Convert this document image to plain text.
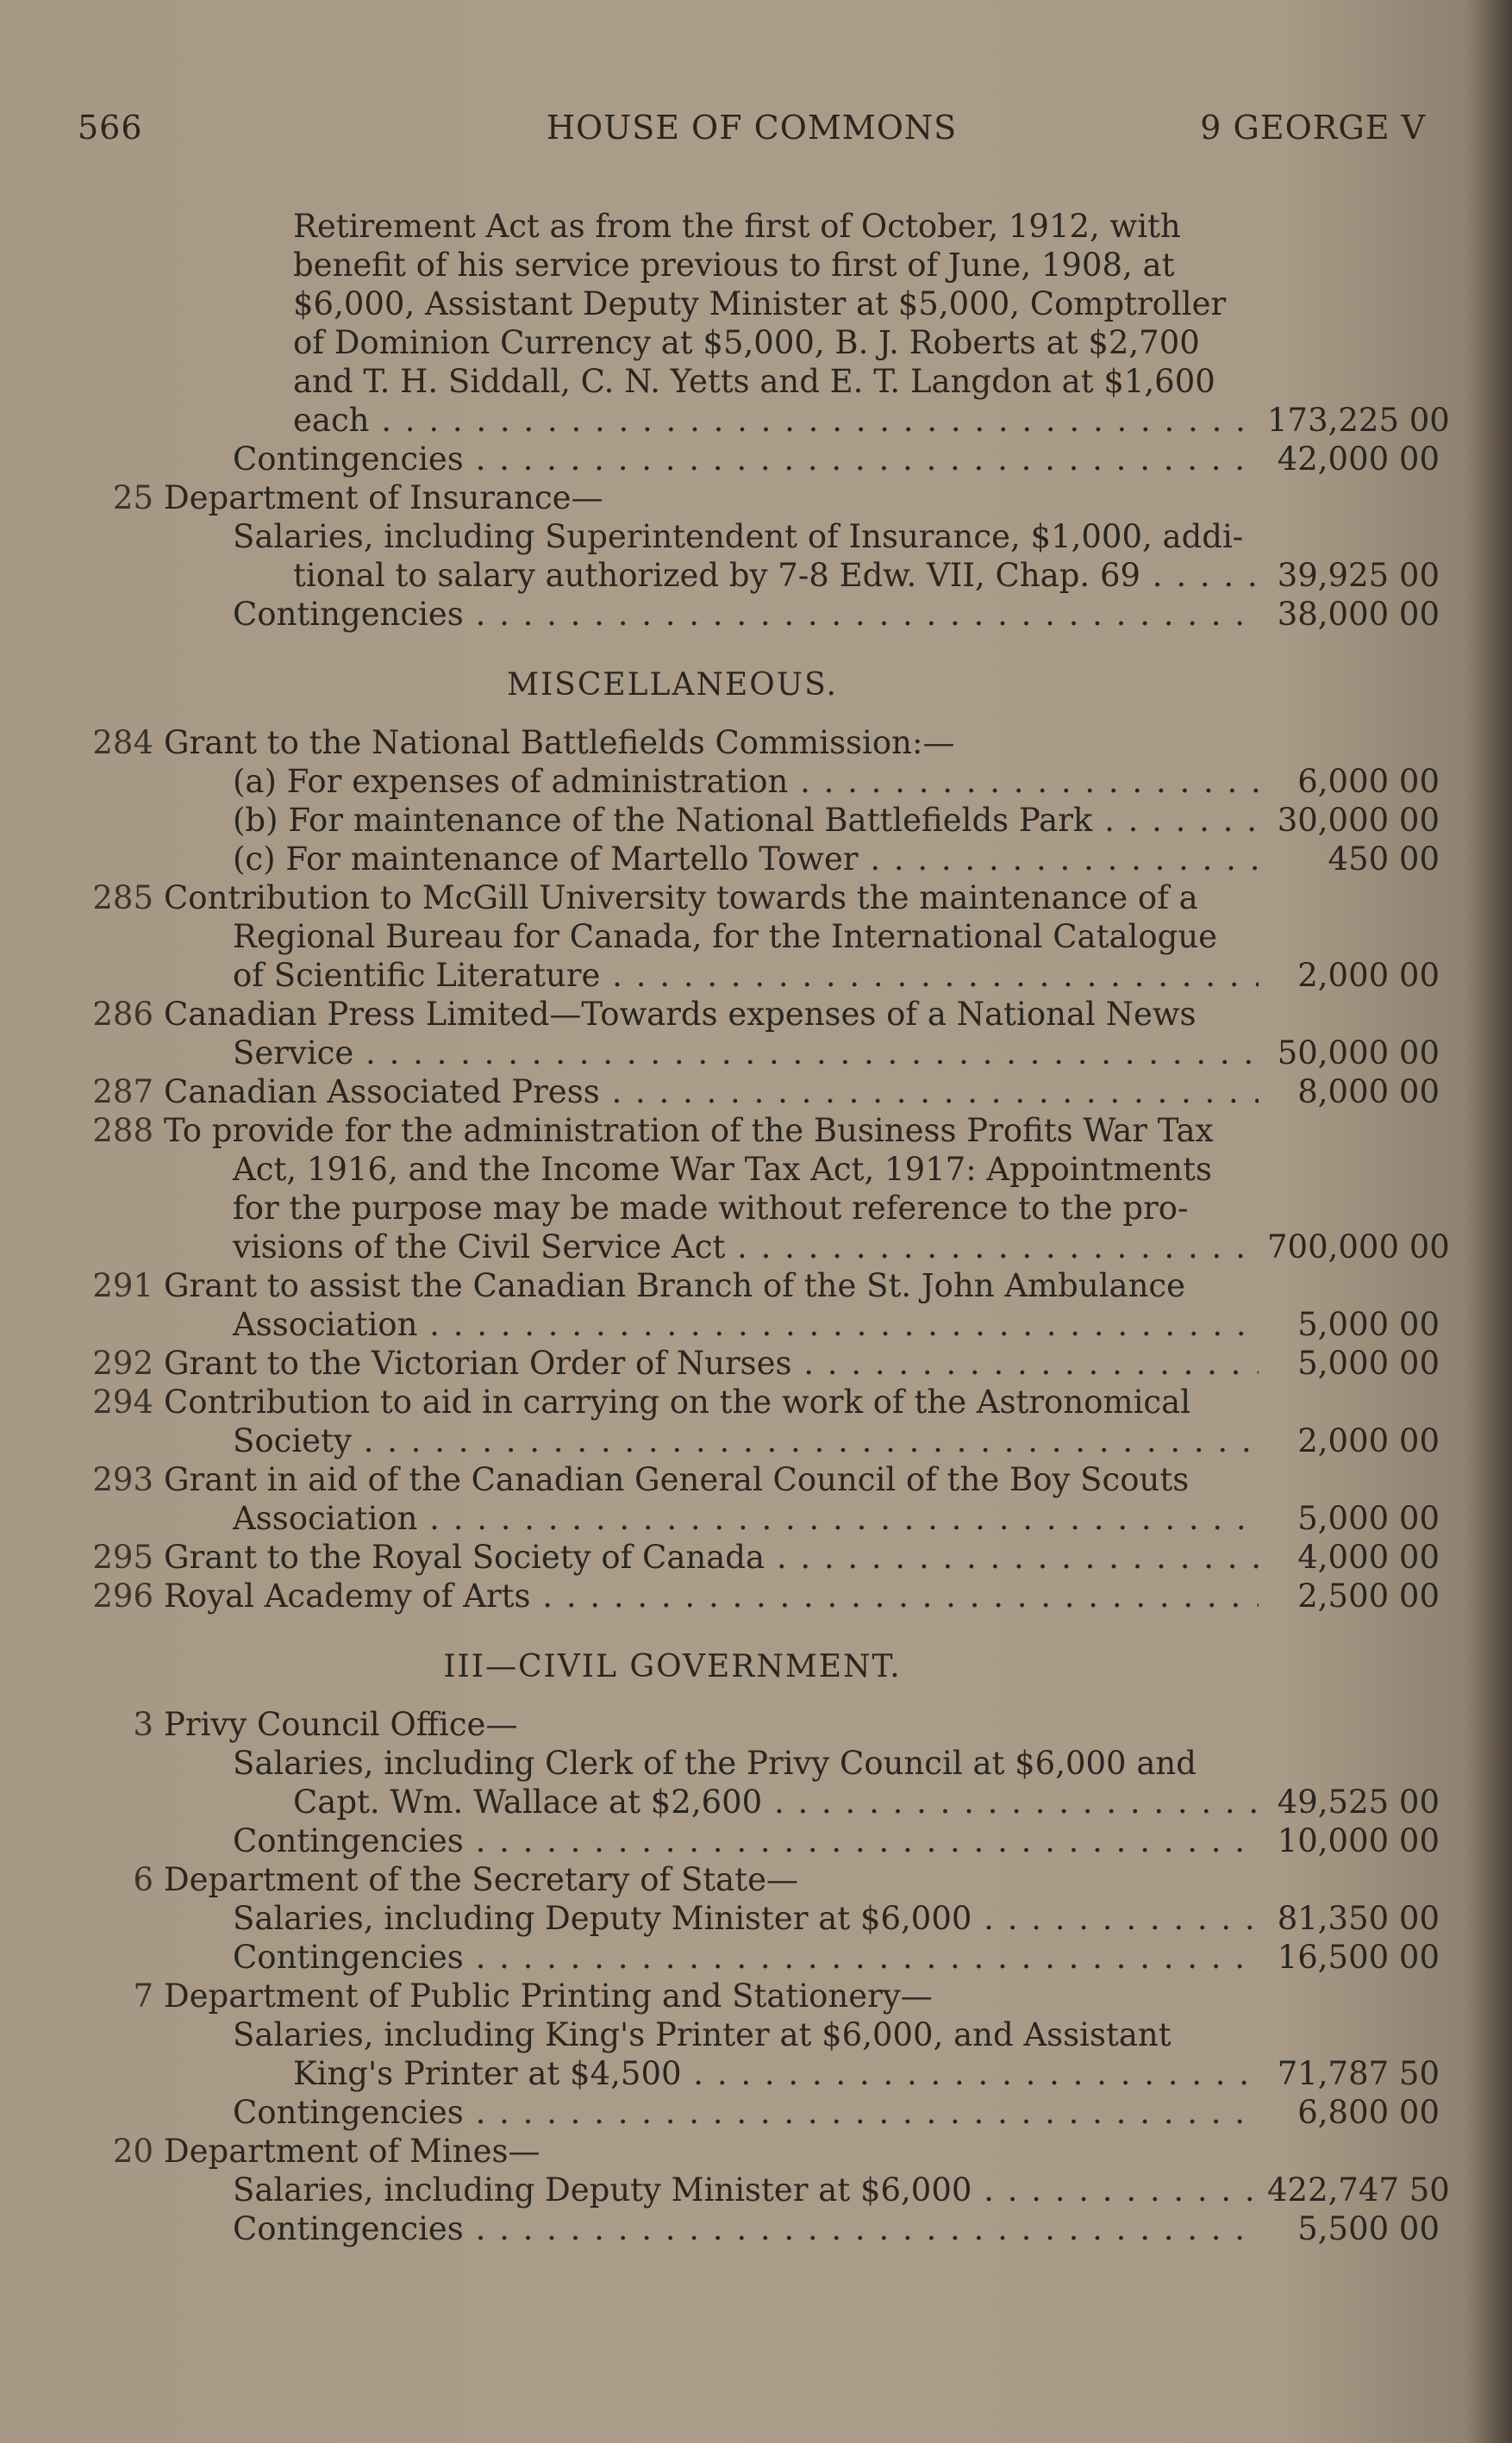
566	HOUSE OF COMMONS	9 GEORGE V
Retirement Act as from the first of October, 1912, with
benefit of his service previous to first of June, 1908, at
$6,000, Assistant Deputy Minister at $5,000, Comptroller
of Dominion Currency at $5,000, B. J. Roberts at $2,700
and T. H. Siddall, C. N. Yetts and E. T. Langdon at $1,600
each . . .	173,225 00
Contingencies . . .	42,000 00
25 Department of Insurance—
Salaries, including Superintendent of Insurance, $1,000, addi-
tional to salary authorized by 7-8 Edw. VII, Chap. 69 . . .	39,925 00
Contingencies . . .	38,000 00
MISCELLANEOUS.
284 Grant to the National Battlefields Commission:—
(a) For expenses of administration . . .	6,000 00
(b) For maintenance of the National Battlefields Park . . .	30,000 00
(c) For maintenance of Martello Tower . . .	450 00
285 Contribution to McGill University towards the maintenance of a
Regional Bureau for Canada, for the International Catalogue
of Scientific Literature . . .	2,000 00
286 Canadian Press Limited—Towards expenses of a National News
Service . . .	50,000 00
287 Canadian Associated Press . . .	8,000 00
288 To provide for the administration of the Business Profits War Tax
Act, 1916, and the Income War Tax Act, 1917: Appointments
for the purpose may be made without reference to the pro-
visions of the Civil Service Act . . .	700,000 00
291 Grant to assist the Canadian Branch of the St. John Ambulance
Association . . .	5,000 00
292 Grant to the Victorian Order of Nurses . . .	5,000 00
294 Contribution to aid in carrying on the work of the Astronomical
Society . . .	2,000 00
293 Grant in aid of the Canadian General Council of the Boy Scouts
Association . . .	5,000 00
295 Grant to the Royal Society of Canada . . .	4,000 00
296 Royal Academy of Arts . . .	2,500 00
III—CIVIL GOVERNMENT.
3 Privy Council Office—
Salaries, including Clerk of the Privy Council at $6,000 and
Capt. Wm. Wallace at $2,600 . . .	49,525 00
Contingencies . . .	10,000 00
6 Department of the Secretary of State—
Salaries, including Deputy Minister at $6,000 . . .	81,350 00
Contingencies . . .	16,500 00
7 Department of Public Printing and Stationery—
Salaries, including King's Printer at $6,000, and Assistant
King's Printer at $4,500 . . .	71,787 50
Contingencies . . .	6,800 00
20 Department of Mines—
Salaries, including Deputy Minister at $6,000 . . .	422,747 50
Contingencies . . .	5,500 00
